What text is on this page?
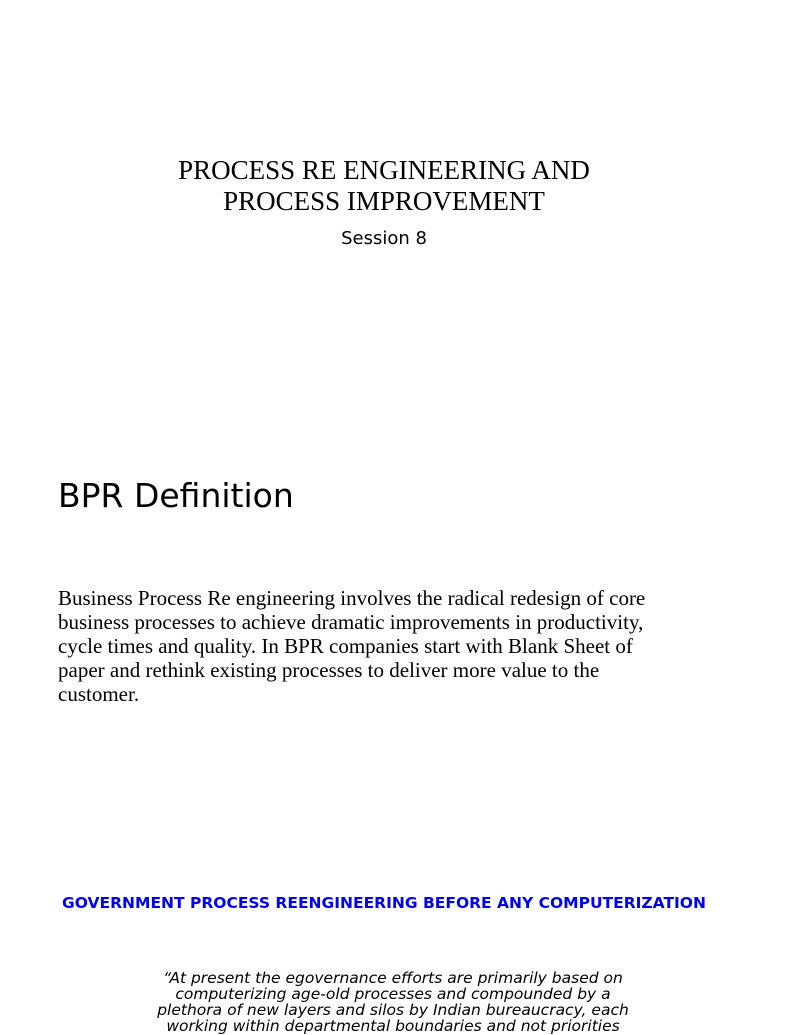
PROCESS RE ENGINEERING AND
PROCESS IMPROVEMENT
Session 8
BPR Definition
Business Process Re engineering involves the radical redesign of core
business processes to achieve dramatic improvements in productivity,
cycle times and quality. In BPR companies start with Blank Sheet of
paper and rethink existing processes to deliver more value to the
customer.
GOVERNMENT PROCESS REENGINEERING BEFORE ANY COMPUTERIZATION
“At present the egovernance efforts are primarily based on
computerizing age-old processes and compounded by a
plethora of new layers and silos by Indian bureaucracy, each
working within departmental boundaries and not priorities
